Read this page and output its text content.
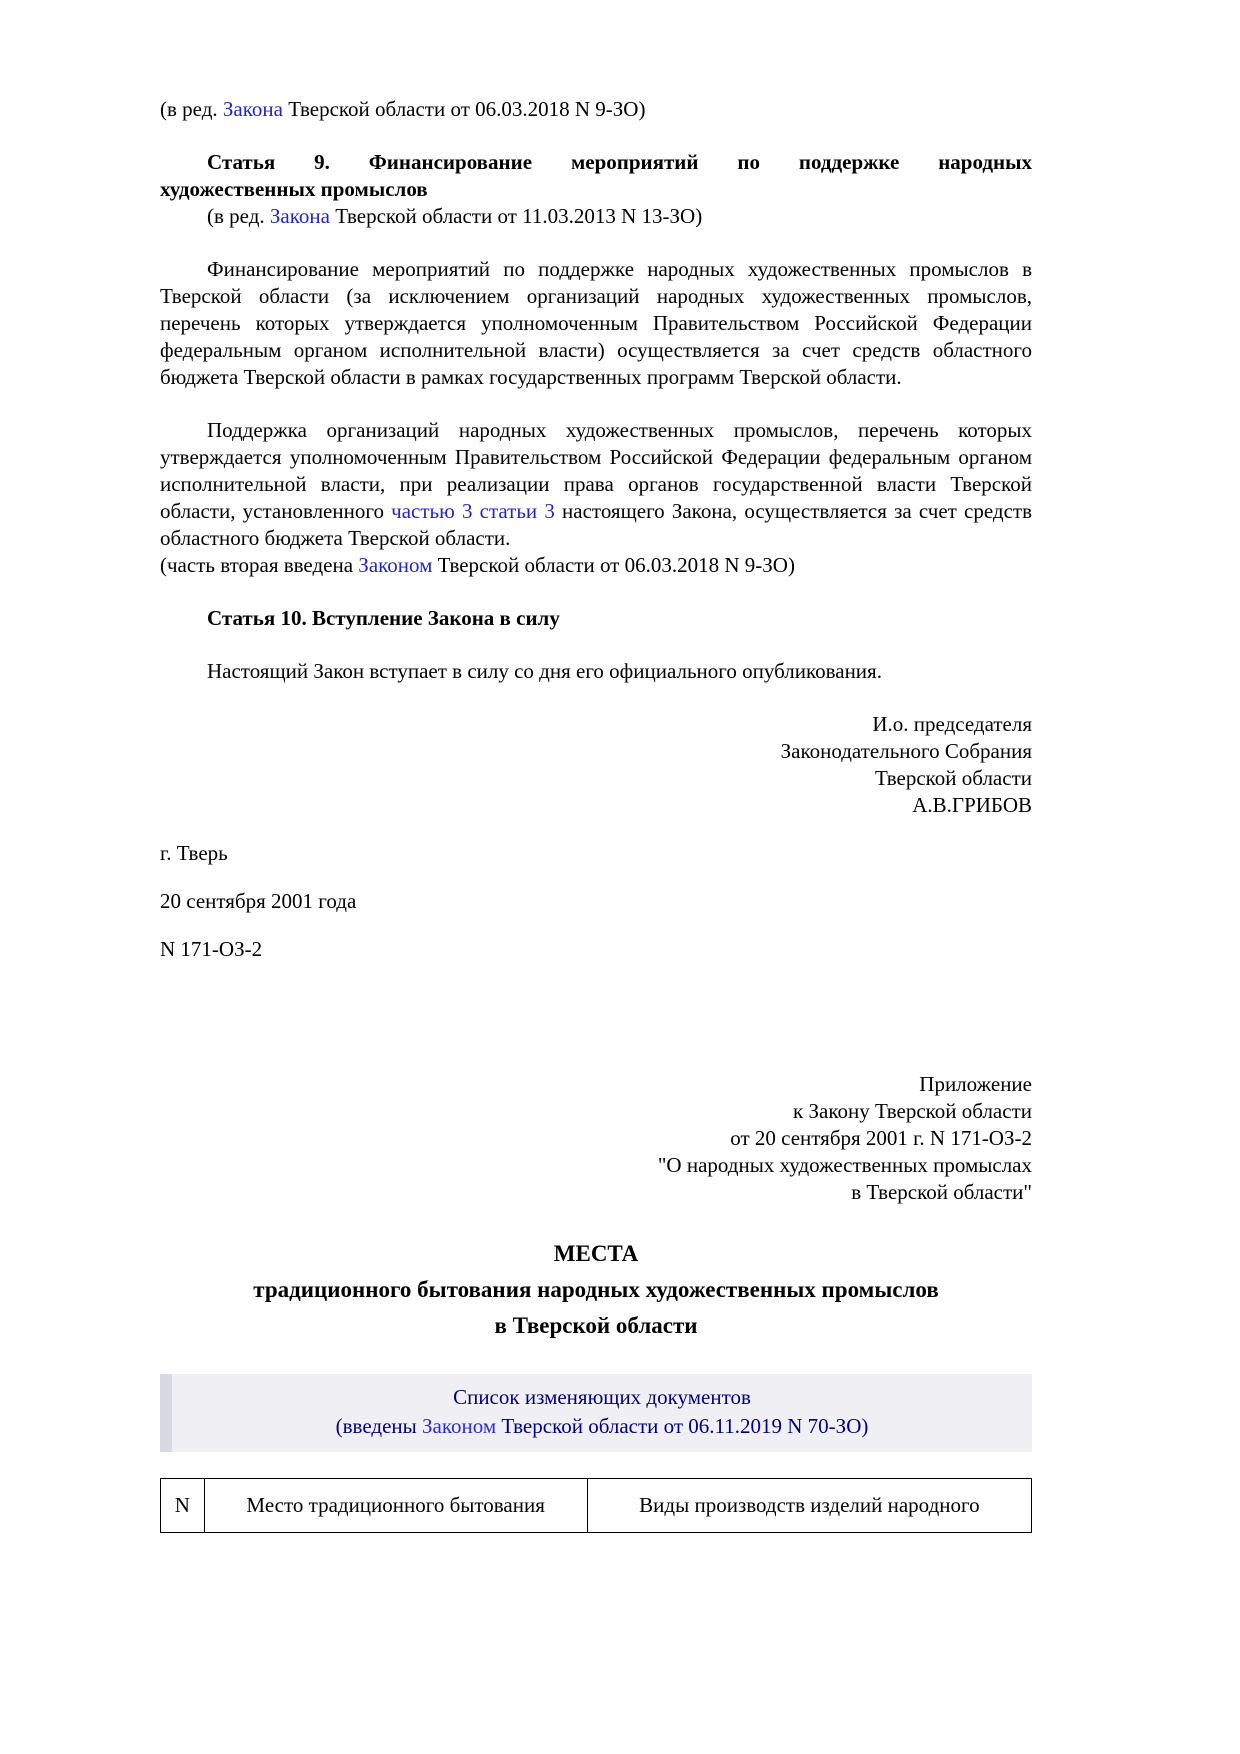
(в ред. Закона Тверской области от 06.03.2018 N 9-ЗО)

Статья 9. Финансирование мероприятий по поддержке народных
художественных промыслов

(в ред. Закона Тверской области от 11.03.2013 N 13-ЗО)

Финансирование мероприятий по поддержке народных художественных промыслов в Тверской области (за исключением организаций народных художественных промыслов, перечень которых утверждается уполномоченным Правительством Российской Федерации федеральным органом исполнительной власти) осуществляется за счет средств областного бюджета Тверской области в рамках государственных программ Тверской области.

Поддержка организаций народных художественных промыслов, перечень которых утверждается уполномоченным Правительством Российской Федерации федеральным органом исполнительной власти, при реализации права органов государственной власти Тверской области, установленного частью 3 статьи 3 настоящего Закона, осуществляется за счет средств областного бюджета Тверской области.

(часть вторая введена Законом Тверской области от 06.03.2018 N 9-ЗО)

Статья 10. Вступление Закона в силу

Настоящий Закон вступает в силу со дня его официального опубликования.

И.о. председателя
Законодательного Собрания
Тверской области
А.В.ГРИБОВ

г. Тверь

20 сентября 2001 года

N 171-ОЗ-2

Приложение
к Закону Тверской области
от 20 сентября 2001 г. N 171-ОЗ-2
"О народных художественных промыслах
в Тверской области"
МЕСТА
традиционного бытования народных художественных промыслов
в Тверской области
Список изменяющих документов
(введены Законом Тверской области от 06.11.2019 N 70-ЗО)
N	Место традиционного бытования	Виды производств изделий народного
